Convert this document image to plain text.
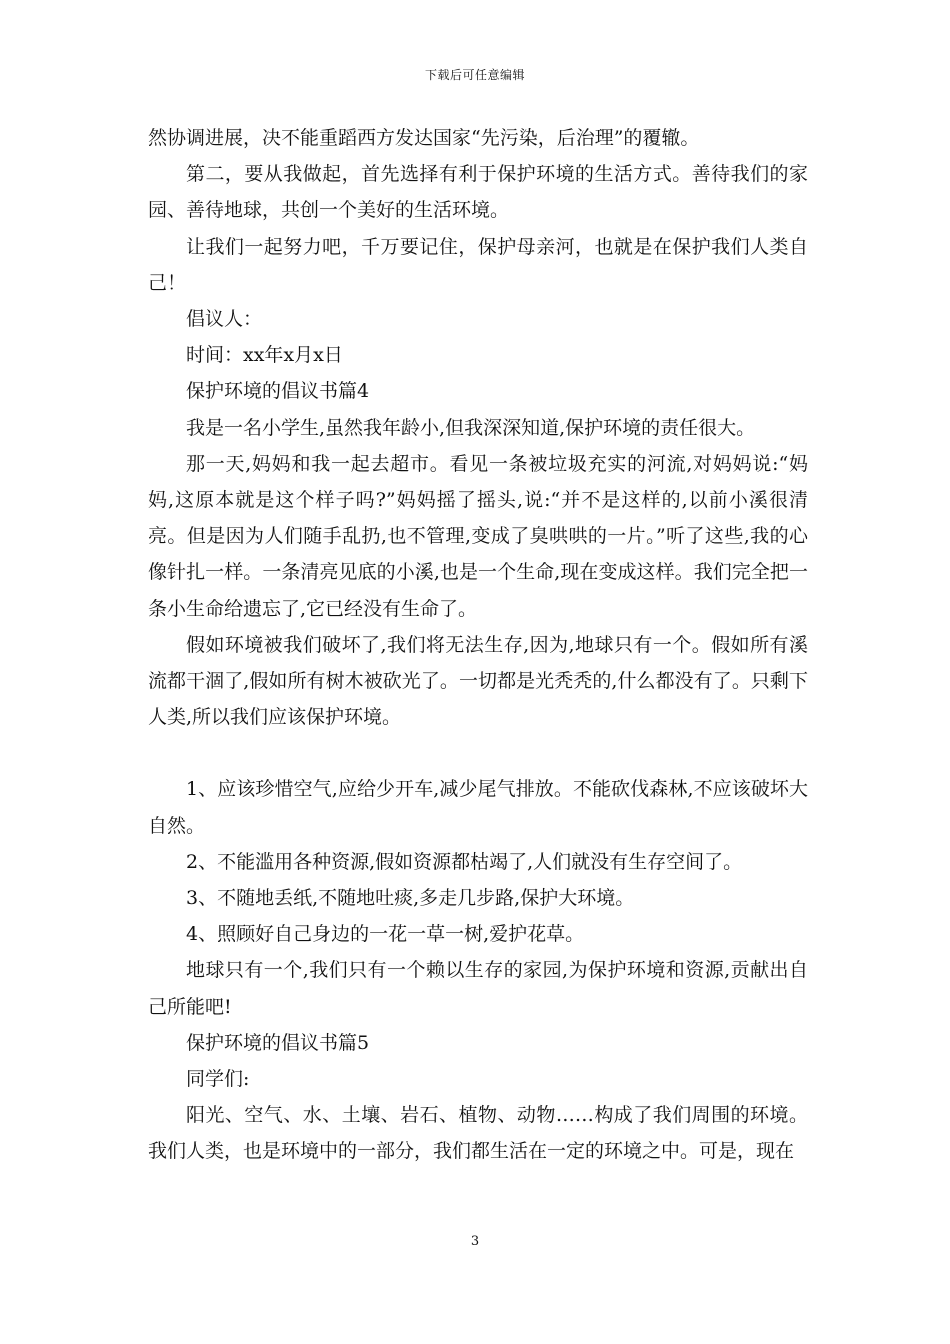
下载后可任意编辑

然协调进展，决不能重蹈西方发达国家“先污染，后治理”的覆辙。

第二，要从我做起，首先选择有利于保护环境的生活方式。善待我们的家园、善待地球，共创一个美好的生活环境。

让我们一起努力吧，千万要记住，保护母亲河，也就是在保护我们人类自己！

倡议人：

时间：xx年x月x日

保护环境的倡议书篇4

我是一名小学生,虽然我年龄小,但我深深知道,保护环境的责任很大。

那一天,妈妈和我一起去超市。看见一条被垃圾充实的河流,对妈妈说:“妈妈,这原本就是这个样子吗?”妈妈摇了摇头,说:“并不是这样的,以前小溪很清亮。但是因为人们随手乱扔,也不管理,变成了臭哄哄的一片。”听了这些,我的心像针扎一样。一条清亮见底的小溪,也是一个生命,现在变成这样。我们完全把一条小生命给遗忘了,它已经没有生命了。

假如环境被我们破坏了,我们将无法生存,因为,地球只有一个。假如所有溪流都干涸了,假如所有树木被砍光了。一切都是光秃秃的,什么都没有了。只剩下人类,所以我们应该保护环境。

1、应该珍惜空气,应给少开车,减少尾气排放。不能砍伐森林,不应该破坏大自然。

2、不能滥用各种资源,假如资源都枯竭了,人们就没有生存空间了。

3、不随地丢纸,不随地吐痰,多走几步路,保护大环境。

4、照顾好自己身边的一花一草一树,爱护花草。

地球只有一个,我们只有一个赖以生存的家园,为保护环境和资源,贡献出自己所能吧!

保护环境的倡议书篇5

同学们:

阳光、空气、水、土壤、岩石、植物、动物……构成了我们周围的环境。我们人类，也是环境中的一部分，我们都生活在一定的环境之中。可是，现在

3
